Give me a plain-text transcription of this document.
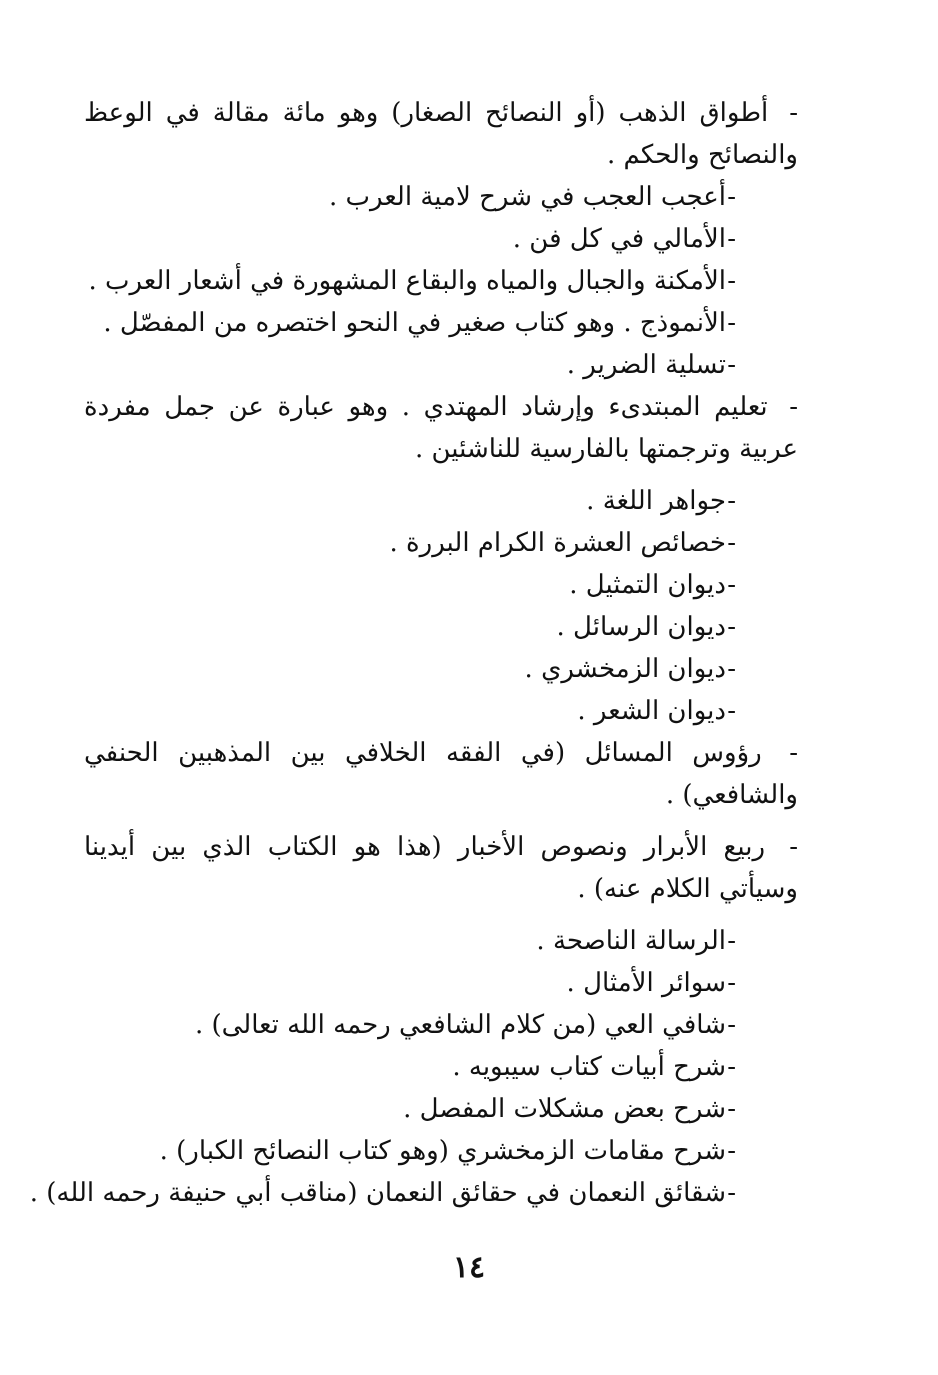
- أطواق الذهب (أو النصائح الصغار) وهو مائة مقالة في الوعظ والنصائح والحكم .

-
أعجب العجب في شرح لامية العرب .

-
الأمالي في كل فن .

-
الأمكنة والجبال والمياه والبقاع المشهورة في أشعار العرب .

-
الأنموذج . وهو كتاب صغير في النحو اختصره من المفصّل .

-
تسلية الضرير .

- تعليم المبتدىء وإرشاد المهتدي . وهو عبارة عن جمل مفردة عربية وترجمتها بالفارسية للناشئين .

-
جواهر اللغة .

-
خصائص العشرة الكرام البررة .

-
ديوان التمثيل .

-
ديوان الرسائل .

-
ديوان الزمخشري .

-
ديوان الشعر .

- رؤوس المسائل (في الفقه الخلافي بين المذهبين الحنفي والشافعي) .

- ربيع الأبرار ونصوص الأخبار (هذا هو الكتاب الذي بين أيدينا وسيأتي الكلام عنه) .

-
الرسالة الناصحة .

-
سوائر الأمثال .

-
شافي العي (من كلام الشافعي رحمه الله تعالى) .

-
شرح أبيات كتاب سيبويه .

-
شرح بعض مشكلات المفصل .

-
شرح مقامات الزمخشري (وهو كتاب النصائح الكبار) .

-
شقائق النعمان في حقائق النعمان (مناقب أبي حنيفة رحمه الله) .

١٤
